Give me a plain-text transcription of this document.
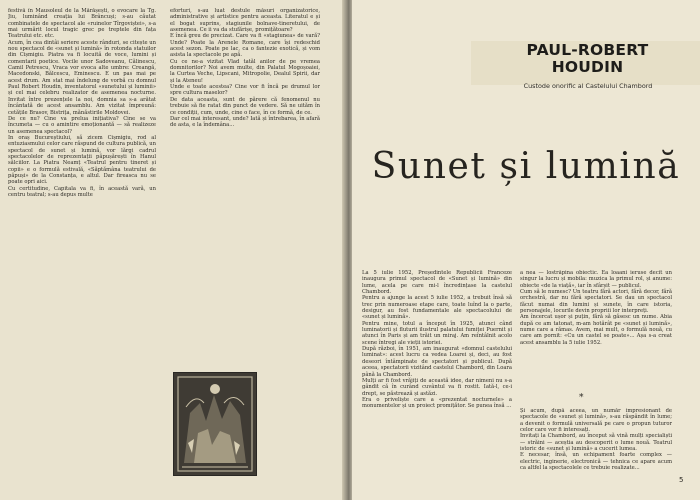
festivă în Mausoleul de la Mărășești, o evocare la Tg. Jiu, luminând creația lui Brâncuși; s-au căutat combinatele de spectacol ale «ruinelor Tîrgoviștei», s-a mai urmărit locul tragic grec pe treptele din fața Teatrului etc. etc.
Acum, în cea dintâi seriere aceste rânduri, se citește un nou spectacol de «sunet și lumină» în rotonda statuilor din Cișmigiu. Piatra va fi locuită de voce, lumini și comentarii poetice. Vocile unor Sadoveanu, Călinescu, Camil Petrescu, Vraca vor evoca alte umbre: Creangă, Macedonski, Bălcescu, Eminescu. E un pas mai pe acest drum. Am stat mai îndelung de vorbă cu domnul Paul Robert Houdin, inventatorul «sunetului și luminii» și cel mai celebru realizator de asemenea nocturne. Invitat între prezențele la noi, domnia sa s-a arătat încântată de acest ansamblu. Am vizitat împreună: cetățile Brasov, Bistrița, mănăstirile Moldovei.
De ce nu? Cine va prelua inițiativa? Cine se va încumeta — cu o amintire emoționantă — să realizeze un asemenea spectacol?
In oraș Bucureștiului, să zicem Cișmigiu, rod al entuziasmului celor care răspund de cultura publică, un spectacol de sunet și lumină, vor lărgi cadrul spectacolelor de reprezentații păpușărești în Hanul sălciilor. La Piatra Neamț «Teatrul pentru tineret și copii» e o formulă estivală, «Săptămâna teatrului de păpuși» de la Constanța, e altul. Dar fireasca nu se poate opri aici.
Cu certitudine, Capitala va fi, în această vară, un centru teatral; s-au depus multe
eforturi, s-au luat destule măsuri organizatorice, administrative și artistice pentru aceasta. Literatul e și el bogat suprins, stagiunile bolnave-tineretului, de asemenea. Ce ii va da stufărișe, promițătoare?
E încă greu de precizat. Care va fi «stagiunea» de vară? Unde? Poate la Arenele Romane, care își redeschid acest sezon. Poate pe lac, ca o fantezie exotică, și vom asista la spectacole pe apă.
Cu ce ne-a vizitat Vlad tatăl anilor de pe vremea domnitorilor? Noi avem multe, din Palatul Mogoșoaiei, la Curtea Veche, Lipscani, Mitropolie, Dealul Spirii, dar și la Ateneu!
Unde e toate acestea? Cine vor fi încă pe drumul lor spre cultura maselor?
De data aceasta, sunt de părere că fenomenul nu trebuie să fie ratat din punct de vedere. Să ne uităm în ce condiții, cum, unde, cine o face, în ce formă, de ce.
Dar cel mai interesant, unde? Iată și întrebarea, în afară de asta, e la îndemâna...
PAUL-ROBERT
HOUDIN
Custode onorific al Castelului Chambord
Sunet și lumină
La 5 iulie 1952, Președintele Republicii Franceze inaugura primul spectacol de «Sunet și lumină» din lume, acela pe care mi-l încredințase la castelul Chambord.
Pentru a ajunge la acest 5 iulie 1952, a trebuit însă să trec prin numeroase etape care, toate luînd la o parte, desigur, au fost fundamentale ale spectacolului de «sunet și lumină».
Pentru mine, totul a început în 1925, atunci când luminatorii și fluturii ilustrul palatului fumiței Puernit și atunci în Paris și am trăit un miraj. Am reîntâlnit acolo scene întregi ale vieții istoriei.
După război, în 1951, am inaugurat «domnul castelului luminat»: acest lucru ca vedea Loarei și, deci, au fost deseori întâmpinate de spectatori și publicul. După aceea, spectatorii vizitând castelul Chambord, din Loara până la Chambord.
Mulți ar fi fost vrăjiți de această idee, dar nimeni nu s-a gândit că în curând cuvântul va fi rostit. Iată-l, ce-i drept, se păstrează și astăzi.
Era o priveliște care a «prezentat nocturnele» a monumentelor și un proiect promițător. Se punea însă ...
a nea — lostrăpina obiectic. Ea loaani ieruse decit un singur la lucru și mobila: muzica la primul rol, și anume: obiecte «de la viață», iar în sfârșit — publicul.
Cum să le numesc? Un teatru fără actori, fără decor, fără orchestră, dar nu fără spectatori. Se dau un spectacol făcut numai din lumini și sunete, în care istoria, personajele, locurile devin propriii lor interpreți.
Am încercat ușor și puțin, fără să găsesc un nume. Abia după ce am tatonat, m-am hotărât pe «sunet și lumină», nume care a rămas. Avem, mai mult, o formulă nouă, cu care am pornit: «Cu un castel se poate»... Așa s-a creat acest ansamblu la 5 iulie 1952.
*
Și acum, după aceea, un număr impresionant de spectacole de «sunet și lumină», s-au răspândit în lume; a devenit o formulă universală pe care o propun tuturor celor care vor fi interesați.
Invitați la Chambord, au început să vină mulți specialiști — străini — aceștia au descoperit o lume nouă. Teatrul istoric de «sunet și lumină» a cucerit lumea.
E necesar, însă, un echipament foarte complex — electric, inginerie, electronică — tehnica ce apare acum ca altfel la spectacolele ce trebuie realizate...
5
